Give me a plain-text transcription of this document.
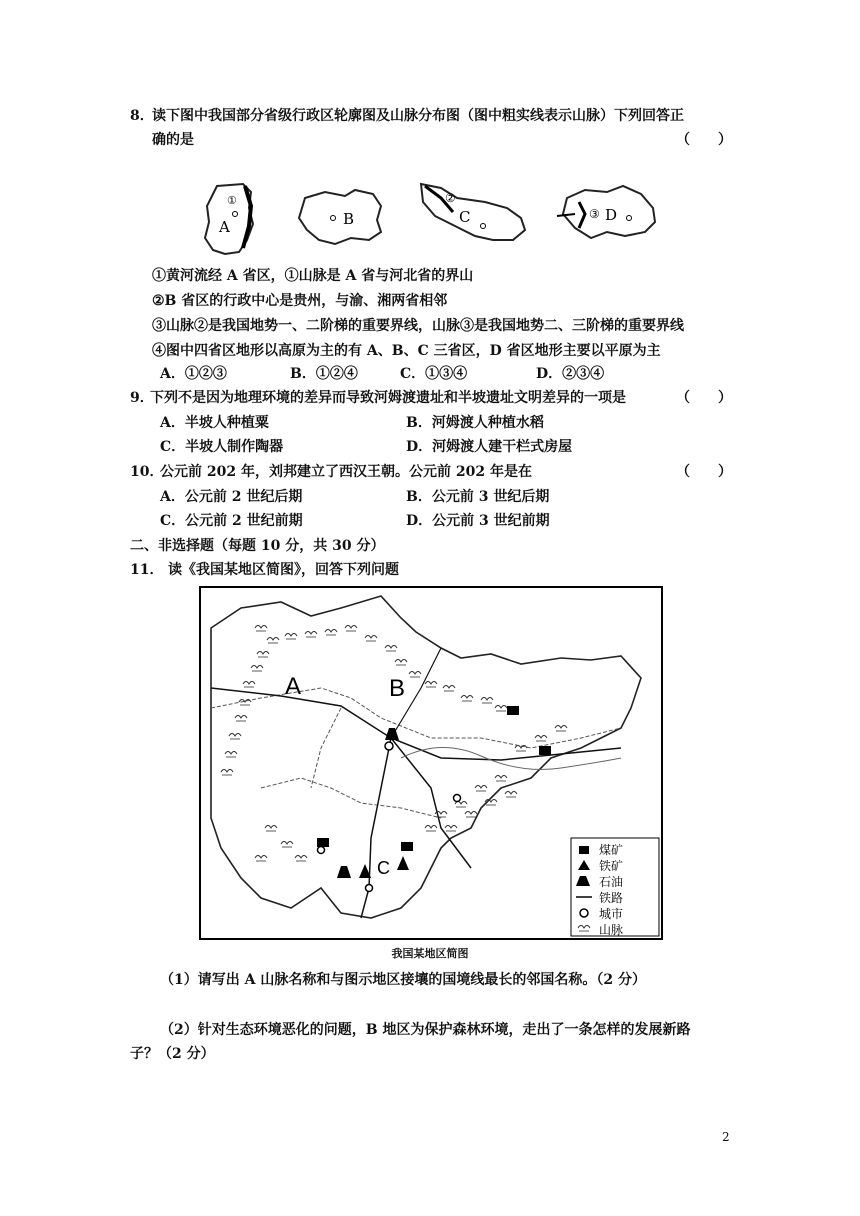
8．
读下图中我国部分省级行政区轮廓图及山脉分布图（图中粗实线表示山脉）下列回答正
确的是	（　　）
①
A	B
②
C	③ D
①黄河流经 A 省区，①山脉是 A 省与河北省的界山
②B 省区的行政中心是贵州，与渝、湘两省相邻
③山脉②是我国地势一、二阶梯的重要界线，山脉③是我国地势二、三阶梯的重要界线
④图中四省区地形以高原为主的有 A、B、C 三省区，D 省区地形主要以平原为主
A．①②③	B．①②④	C．①③④	D．②③④
9．
下列不是因为地理环境的差异而导致河姆渡遗址和半坡遗址文明差异的一项是	（　　）
A．半坡人种植粟	B．河姆渡人种植水稻
C．半坡人制作陶器	D．河姆渡人建干栏式房屋
10．
公元前 202 年，刘邦建立了西汉王朝。公元前 202 年是在	（　　）
A．公元前 2 世纪后期	B．公元前 3 世纪后期
C．公元前 2 世纪前期	D．公元前 3 世纪前期
二、非选择题（每题 10 分，共 30 分）
11． 读《我国某地区简图》，回答下列问题
A	B
C
煤矿
铁矿
石油
铁路
城市
山脉
我国某地区简图
（1）请写出 A 山脉名称和与图示地区接壤的国境线最长的邻国名称。（2 分）
（2）针对生态环境恶化的问题，B 地区为保护森林环境，走出了一条怎样的发展新路
子？（2 分）
2
